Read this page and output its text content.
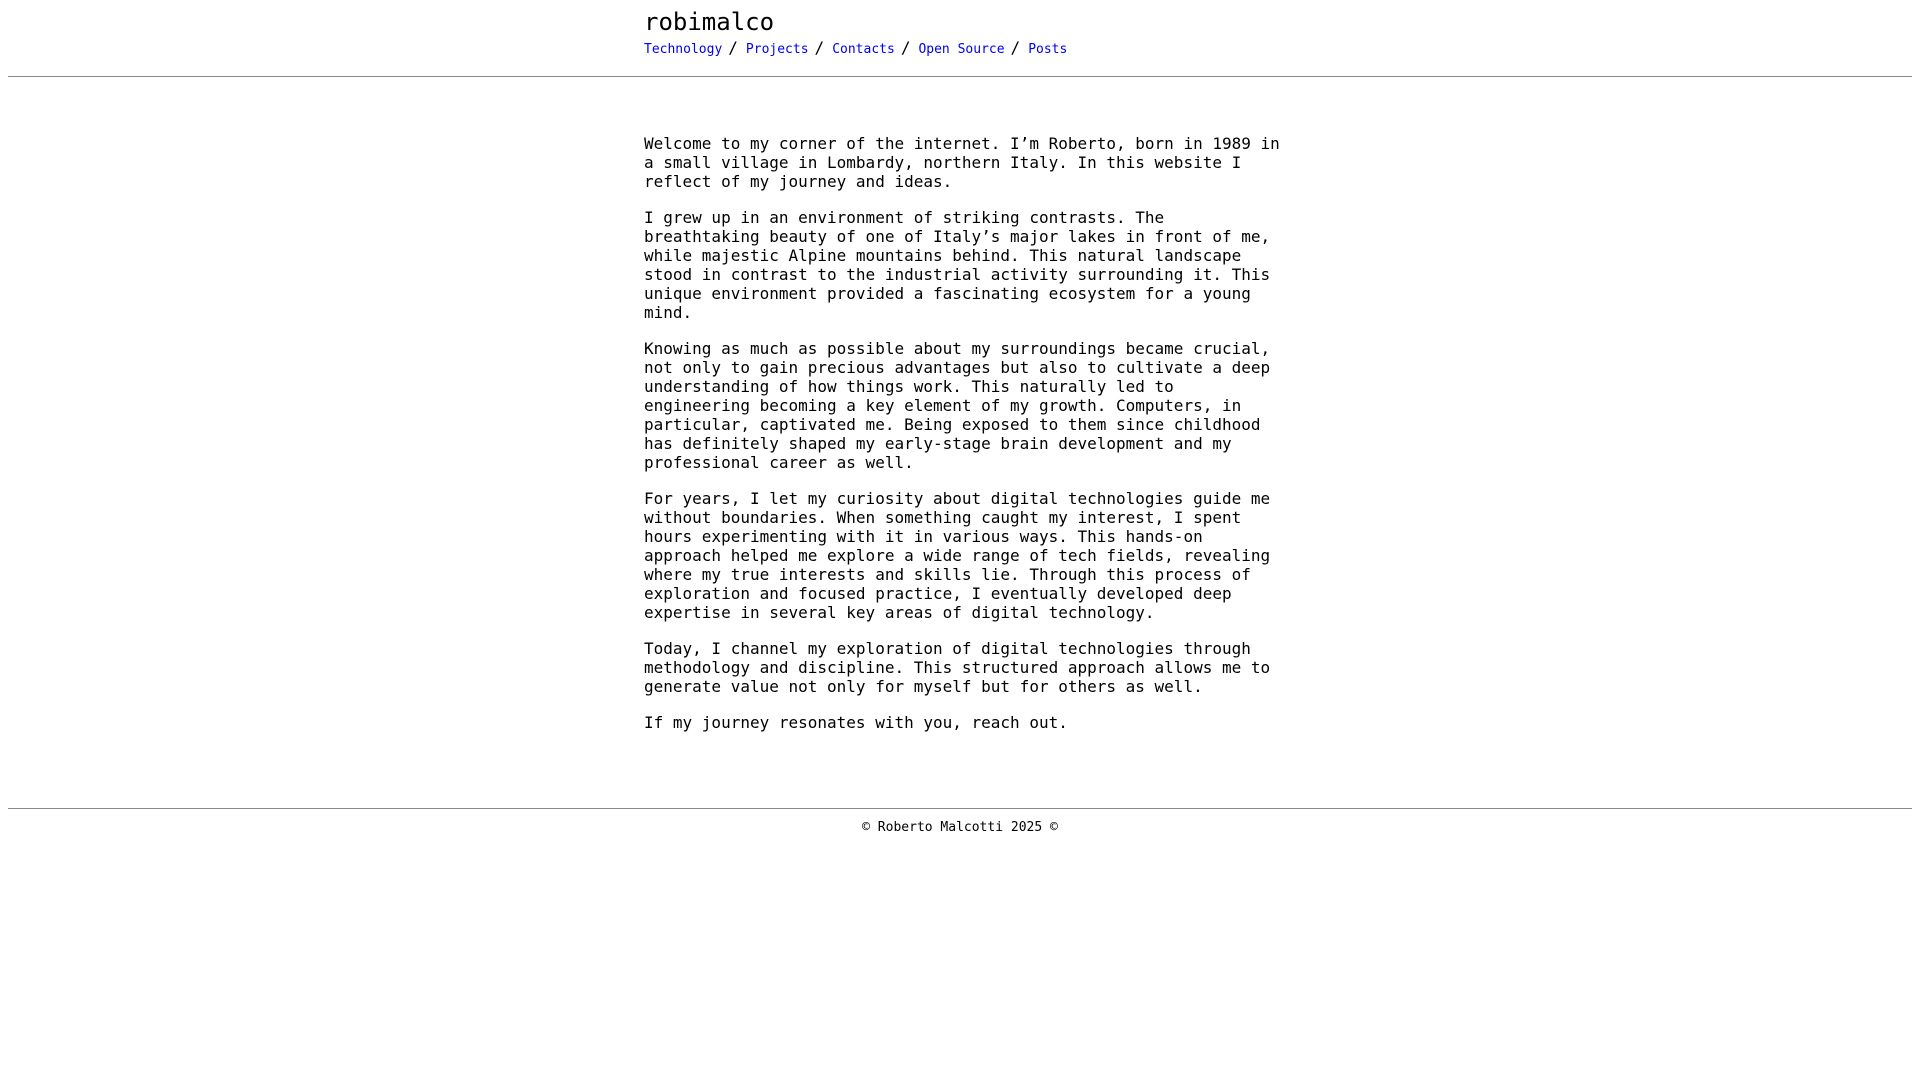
robimalco
Technology / Projects / Contacts / Open Source / Posts

Welcome to my corner of the internet. I’m Roberto, born in 1989 in a small village in Lombardy, northern Italy. In this website I reflect of my journey and ideas.

I grew up in an environment of striking contrasts. The breathtaking beauty of one of Italy’s major lakes in front of me, while majestic Alpine mountains behind. This natural landscape stood in contrast to the industrial activity surrounding it. This unique environment provided a fascinating ecosystem for a young mind.

Knowing as much as possible about my surroundings became crucial, not only to gain precious advantages but also to cultivate a deep understanding of how things work. This naturally led to engineering becoming a key element of my growth. Computers, in particular, captivated me. Being exposed to them since childhood has definitely shaped my early-stage brain development and my professional career as well.

For years, I let my curiosity about digital technologies guide me without boundaries. When something caught my interest, I spent hours experimenting with it in various ways. This hands-on approach helped me explore a wide range of tech fields, revealing where my true interests and skills lie. Through this process of exploration and focused practice, I eventually developed deep expertise in several key areas of digital technology.

Today, I channel my exploration of digital technologies through methodology and discipline. This structured approach allows me to generate value not only for myself but for others as well.

If my journey resonates with you, reach out.

© Roberto Malcotti 2025 ©
